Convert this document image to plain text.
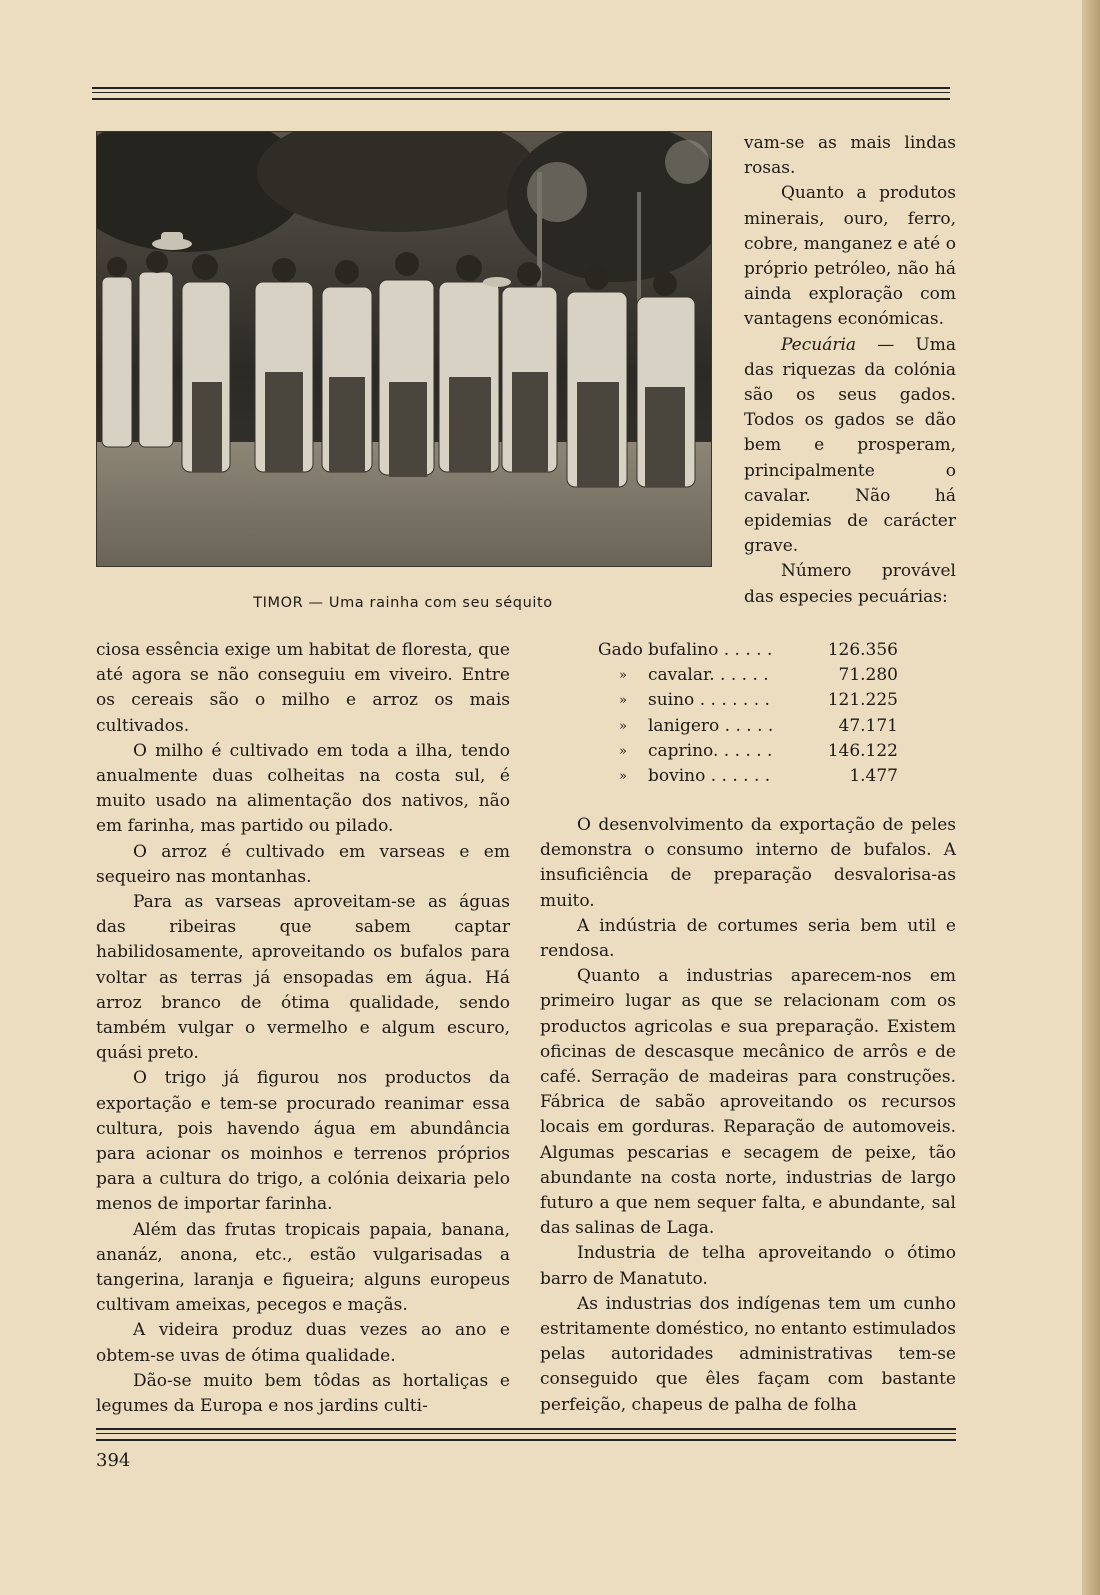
TIMOR — Uma rainha com seu séquito

vam-se as mais lindas rosas.

Quanto a produtos minerais, ouro, ferro, cobre, manganez e até o próprio petróleo, não há ainda exploração com vantagens económicas.

Pecuária — Uma das riquezas da colónia são os seus gados. Todos os gados se dão bem e prosperam, principalmente o cavalar. Não há epidemias de carácter grave.

Número provável das especies pecuárias:

Gado bufalino . . . . .	126.356
»	cavalar. . . . . .	71.280
»	suino . . . . . . .	121.225
»	lanigero . . . . .	47.171
»	caprino. . . . . .	146.122
»	bovino . . . . . .	1.477

ciosa essência exige um habitat de floresta, que até agora se não conseguiu em viveiro. Entre os cereais são o milho e arroz os mais cultivados.

O milho é cultivado em toda a ilha, tendo anualmente duas colheitas na costa sul, é muito usado na alimentação dos nativos, não em farinha, mas partido ou pilado.

O arroz é cultivado em varseas e em sequeiro nas montanhas.

Para as varseas aproveitam-se as águas das ribeiras que sabem captar habilidosamente, aproveitando os bufalos para voltar as terras já ensopadas em água. Há arroz branco de ótima qualidade, sendo também vulgar o vermelho e algum escuro, quási preto.

O trigo já figurou nos productos da exportação e tem-se procurado reanimar essa cultura, pois havendo água em abundância para acionar os moinhos e terrenos próprios para a cultura do trigo, a colónia deixaria pelo menos de importar farinha.

Além das frutas tropicais papaia, banana, ananáz, anona, etc., estão vulgarisadas a tangerina, laranja e figueira; alguns europeus cultivam ameixas, pecegos e maçãs.

A videira produz duas vezes ao ano e obtem-se uvas de ótima qualidade.

Dão-se muito bem tôdas as hortaliças e legumes da Europa e nos jardins culti-

O desenvolvimento da exportação de peles demonstra o consumo interno de bufalos. A insuficiência de preparação desvalorisa-as muito.

A indústria de cortumes seria bem util e rendosa.

Quanto a industrias aparecem-nos em primeiro lugar as que se relacionam com os productos agricolas e sua preparação. Existem oficinas de descasque mecânico de arrôs e de café. Serração de madeiras para construções. Fábrica de sabão aproveitando os recursos locais em gorduras. Reparação de automoveis. Algumas pescarias e secagem de peixe, tão abundante na costa norte, industrias de largo futuro a que nem sequer falta, e abundante, sal das salinas de Laga.

Industria de telha aproveitando o ótimo barro de Manatuto.

As industrias dos indígenas tem um cunho estritamente doméstico, no entanto estimulados pelas autoridades administrativas tem-se conseguido que êles façam com bastante perfeição, chapeus de palha de folha

394
